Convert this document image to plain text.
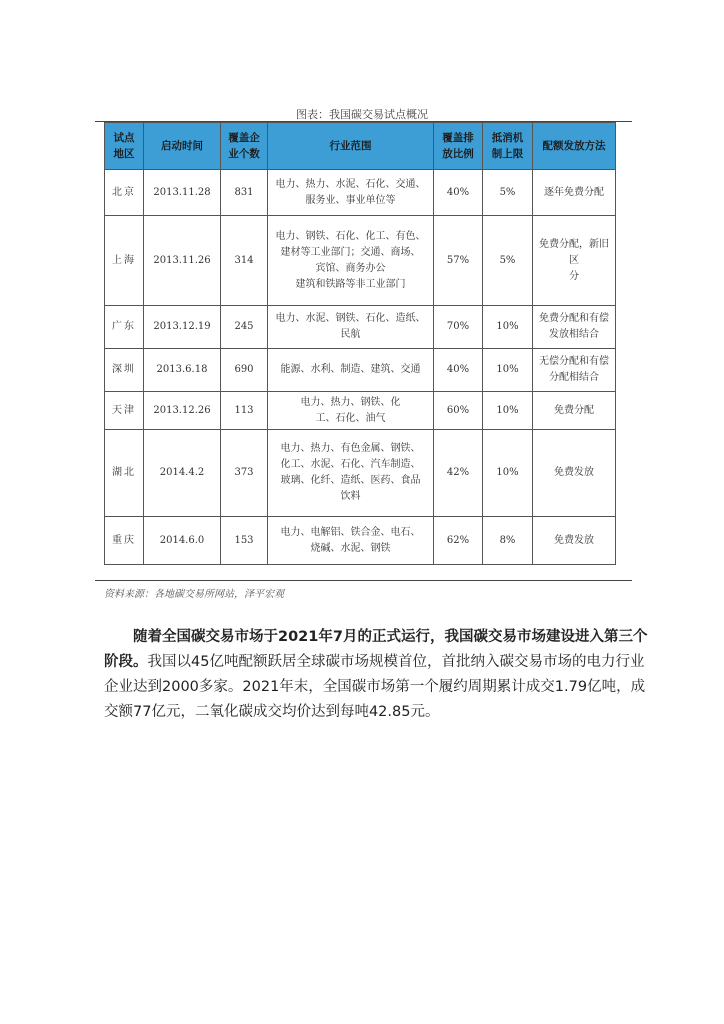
图表：我国碳交易试点概况
试点
地区	启动时间	覆盖企
业个数	行业范围	覆盖排
放比例	抵消机
制上限	配额发放方法
北京	2013.11.28	831	电力、热力、水泥、石化、交通、
服务业、事业单位等	40%	5%	逐年免费分配
上海	2013.11.26	314	电力、钢铁、石化、化工、有色、
建材等工业部门；交通、商场、
宾馆、商务办公
建筑和铁路等非工业部门	57%	5%	免费分配，新旧区
分
广东	2013.12.19	245	电力、水泥、钢铁、石化、造纸、
民航	70%	10%	免费分配和有偿
发放相结合
深圳	2013.6.18	690	能源、水利、制造、建筑、交通	40%	10%	无偿分配和有偿
分配相结合
天津	2013.12.26	113	电力、热力、钢铁、化
工、石化、油气	60%	10%	免费分配
湖北	2014.4.2	373	电力、热力、有色金属、钢铁、
化工、水泥、石化、汽车制造、
玻璃、化纤、造纸、医药、食品
饮料	42%	10%	免费发放
重庆	2014.6.0	153	电力、电解铝、铁合金、电石、
烧碱、水泥、钢铁	62%	8%	免费发放
资料来源：各地碳交易所网站，泽平宏观

随着全国碳交易市场于2021年7月的正式运行，我国碳交易市场建设进入第三个阶段。我国以45亿吨配额跃居全球碳市场规模首位，首批纳入碳交易市场的电力行业企业达到2000多家。2021年末，全国碳市场第一个履约周期累计成交1.79亿吨，成交额77亿元，二氧化碳成交均价达到每吨42.85元。
